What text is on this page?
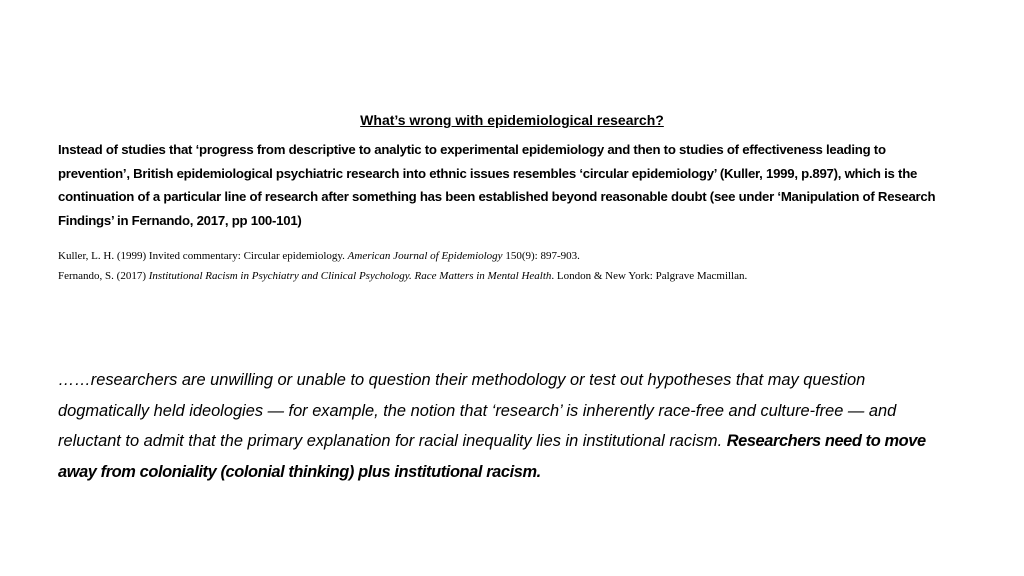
What’s wrong with epidemiological research?

Instead of studies that ‘progress from descriptive to analytic to experimental epidemiology and then to studies of effectiveness leading to prevention’, British epidemiological psychiatric research into ethnic issues resembles ‘circular epidemiology’ (Kuller, 1999, p.897), which is the continuation of a particular line of research after something has been established beyond reasonable doubt (see under ‘Manipulation of Research Findings’ in Fernando, 2017, pp 100-101)

Kuller, L. H. (1999) Invited commentary: Circular epidemiology. American Journal of Epidemiology 150(9): 897-903.

Fernando, S. (2017) Institutional Racism in Psychiatry and Clinical Psychology. Race Matters in Mental Health. London & New York: Palgrave Macmillan.

……researchers are unwilling or unable to question their methodology or test out hypotheses that may question dogmatically held ideologies — for example, the notion that ‘research’ is inherently race-free and culture-free — and reluctant to admit that the primary explanation for racial inequality lies in institutional racism. Researchers need to move away from coloniality (colonial thinking) plus institutional racism.
